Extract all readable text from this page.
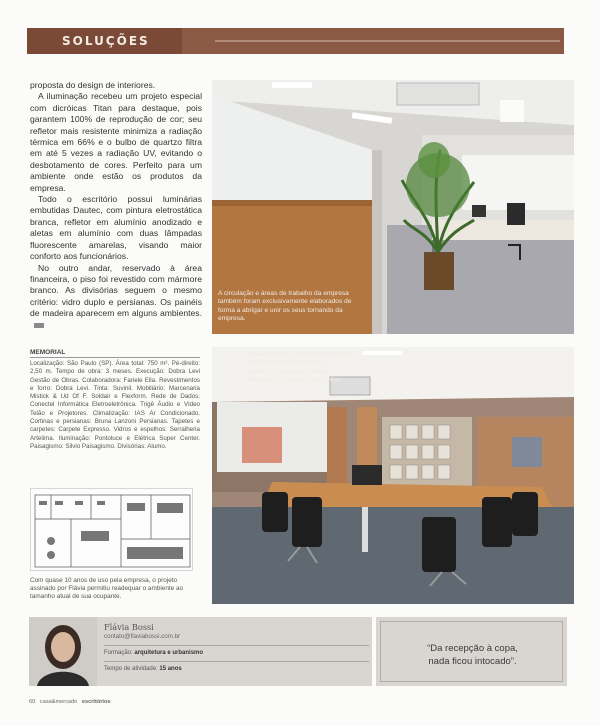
SOLUÇÕES

proposta do design de interiores.

A iluminação recebeu um projeto especial com dicróicas Titan para destaque, pois garantem 100% de reprodução de cor; seu refletor mais resistente minimiza a radiação térmica em 66% e o bulbo de quartzo filtra em até 5 vezes a radiação UV, evitando o desbotamento de cores. Perfeito para um ambiente onde estão os produtos da empresa.

Todo o escritório possui luminárias embutidas Dautec, com pintura eletrostática branca, refletor em alumínio anodizado e aletas em alumínio com duas lâmpadas fluorescente amarelas, visando maior conforto aos funcionários.

No outro andar, reservado à área financeira, o piso foi revestido com mármore branco. As divisórias seguem o mesmo critério: vidro duplo e persianas. Os painéis de madeira aparecem em alguns ambientes.

A circulação e áreas de trabalho da empresa também foram exclusivamente elaborados de forma a abrigar e unir os seus tornando da empresa.
Nessa mesa de showroom e sala de reuniões para 10 pessoas, os clientes em potencial podem observar os produtos fabricados.
MEMORIAL
Localização: São Paulo (SP). Área total: 750 m². Pé-direito: 2,50 m. Tempo de obra: 3 meses. Execução: Dobra Levi Gestão de Obras. Colaboradora: Fariele Ella. Revestimentos e forro: Dobra Levi. Tinta: Suvinil. Mobiliário: Marcenaria Mistick & Ud Of F. Soldair e Flexform. Rede de Dados: Conectel Informática Eletroeletrônica. Trigê Áudio e Vídeo Telão e Projetores. Climatização: IAS Ar Condicionado. Cortinas e persianas: Bruna Lanzoni Persianas. Tapetes e carpetes: Carpete Expresso. Vidros e espelhos: Serralheria Artelima. Iluminação: Pontoluce e Elétrica Super Center. Paisagismo: Silvio Paisagismo. Divisórias: Alumo.
Com quase 10 anos de uso pela empresa, o projeto assinado por Flávia permitiu readequar o ambiente ao tamanho atual de sua ocupante.
Flávia Bossi
contato@flaviabossi.com.br
Formação: arquitetura e urbanismo
Tempo de atividade: 15 anos
“Da recepção à copa,
nada ficou intocado”.
60 casa&mercado escritórios
